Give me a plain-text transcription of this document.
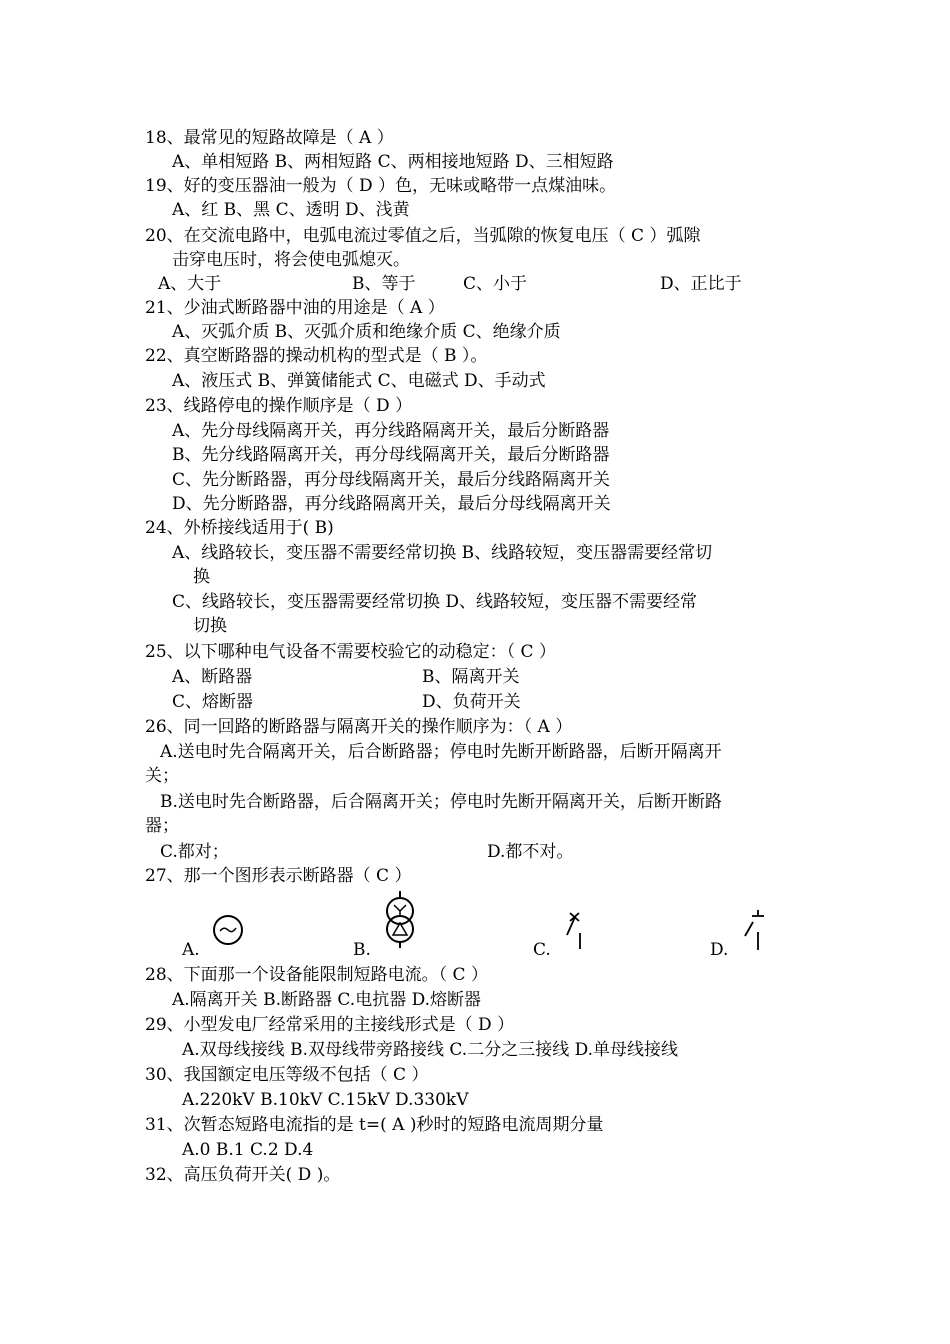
18、最常见的短路故障是（ A ）
A、单相短路 B、两相短路 C、两相接地短路 D、三相短路
19、好的变压器油一般为（ D ）色，无味或略带一点煤油味。
A、红 B、黑 C、透明 D、浅黄
20、在交流电路中，电弧电流过零值之后，当弧隙的恢复电压（ C ）弧隙
击穿电压时，将会使电弧熄灭。
A、大于	B、等于	C、小于	D、正比于
21、少油式断路器中油的用途是（ A ）
A、灭弧介质 B、灭弧介质和绝缘介质 C、绝缘介质
22、真空断路器的操动机构的型式是（ B ）。
A、液压式 B、弹簧储能式 C、电磁式 D、手动式
23、线路停电的操作顺序是（ D ）
A、先分母线隔离开关，再分线路隔离开关，最后分断路器
B、先分线路隔离开关，再分母线隔离开关，最后分断路器
C、先分断路器，再分母线隔离开关，最后分线路隔离开关
D、先分断路器，再分线路隔离开关，最后分母线隔离开关
24、外桥接线适用于( B)
A、线路较长，变压器不需要经常切换 B、线路较短，变压器需要经常切
换
C、线路较长，变压器需要经常切换 D、线路较短，变压器不需要经常
切换
25、以下哪种电气设备不需要校验它的动稳定：（ C ）
A、断路器	B、隔离开关
C、熔断器	D、负荷开关
26、同一回路的断路器与隔离开关的操作顺序为：（ A ）
A.送电时先合隔离开关，后合断路器；停电时先断开断路器，后断开隔离开
关；
B.送电时先合断路器，后合隔离开关；停电时先断开隔离开关，后断开断路
器；
C.都对；	D.都不对。
27、那一个图形表示断路器（ C ）
A.	B.	C.	D.
28、下面那一个设备能限制短路电流。（ C ）
A.隔离开关 B.断路器 C.电抗器 D.熔断器
29、小型发电厂经常采用的主接线形式是（ D ）
A.双母线接线 B.双母线带旁路接线 C.二分之三接线 D.单母线接线
30、我国额定电压等级不包括（ C ）
A.220kV B.10kV C.15kV D.330kV
31、次暂态短路电流指的是 t=( A )秒时的短路电流周期分量
A.0 B.1 C.2 D.4
32、高压负荷开关( D )。
